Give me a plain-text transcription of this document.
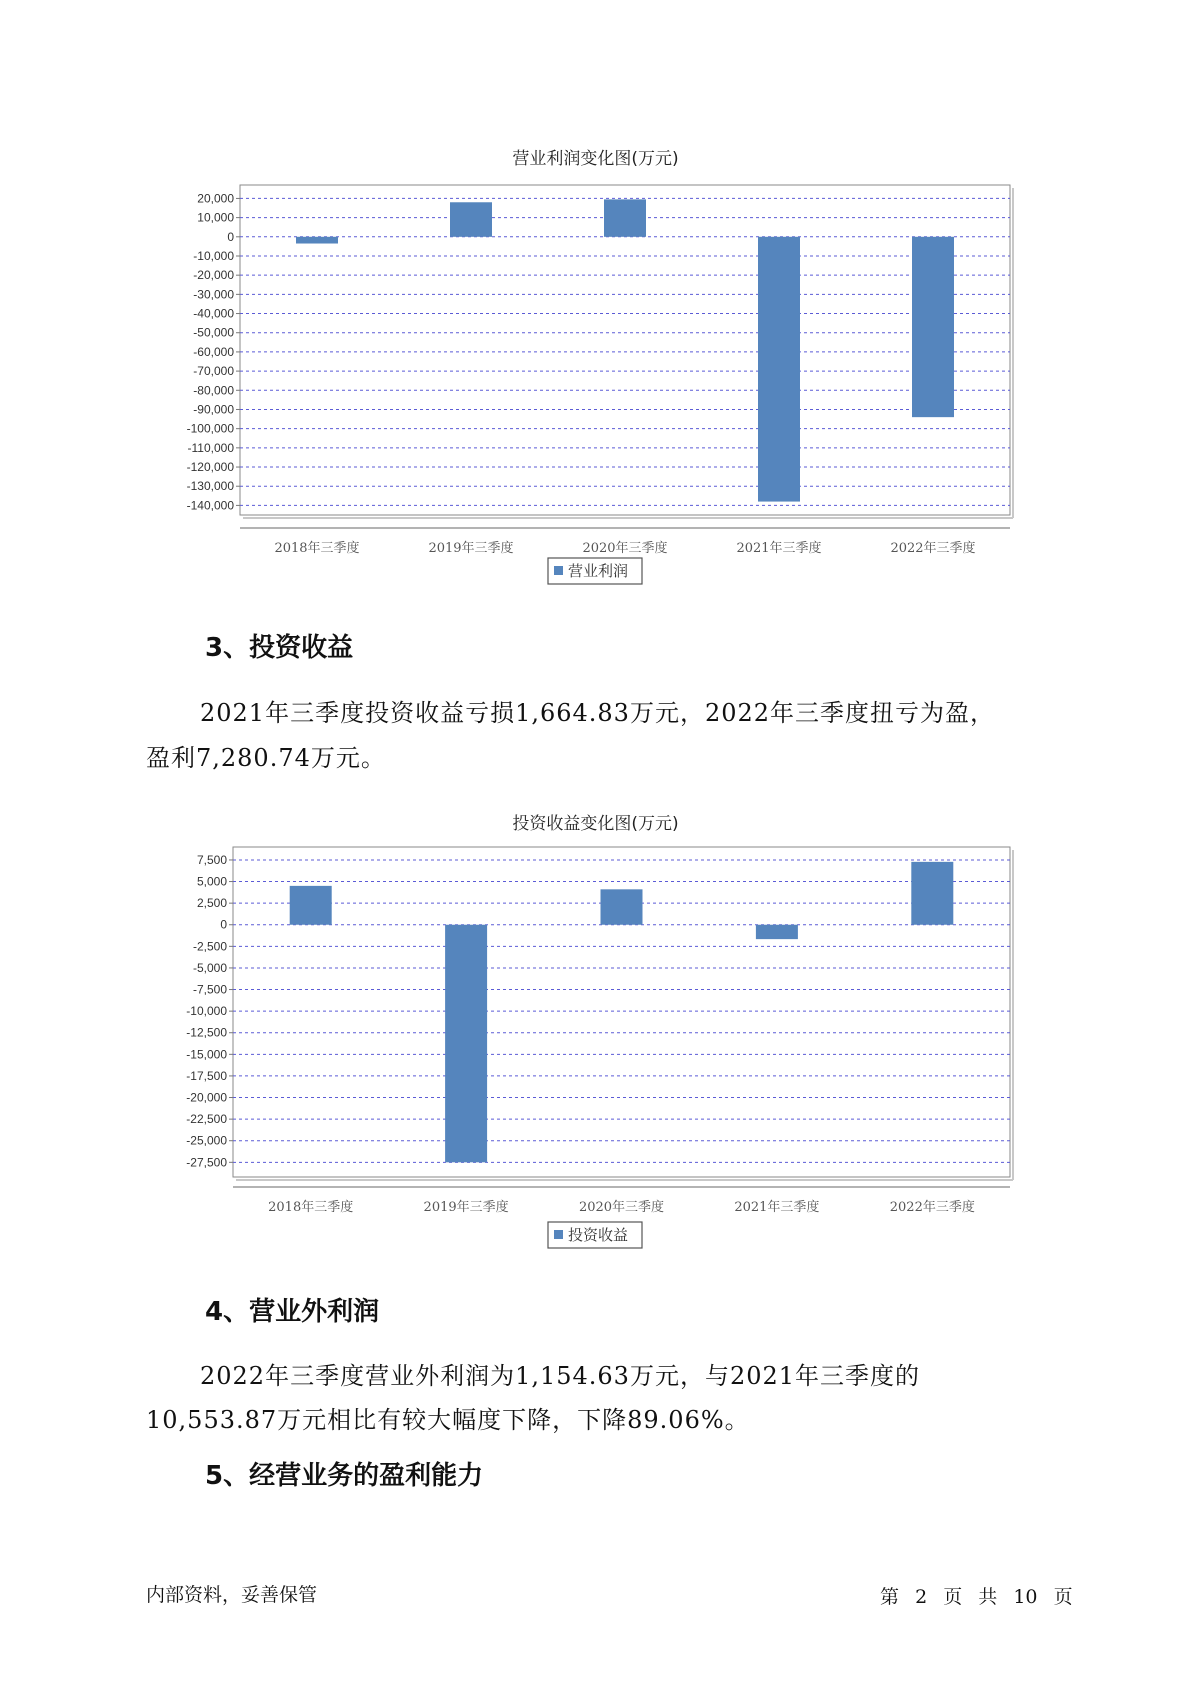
营业利润变化图(万元)
20,000
10,000
0
-10,000
-20,000
-30,000
-40,000
-50,000
-60,000
-70,000
-80,000
-90,000
-100,000
-110,000
-120,000
-130,000
-140,000
2018年三季度	2019年三季度	2020年三季度	2021年三季度	2022年三季度
营业利润
3、投资收益
2021年三季度投资收益亏损1,664.83万元，2022年三季度扭亏为盈，
盈利7,280.74万元。
投资收益变化图(万元)
7,500
5,000
2,500
0
-2,500
-5,000
-7,500
-10,000
-12,500
-15,000
-17,500
-20,000
-22,500
-25,000
-27,500
2018年三季度	2019年三季度	2020年三季度	2021年三季度	2022年三季度
投资收益
4、营业外利润
2022年三季度营业外利润为1,154.63万元，与2021年三季度的
10,553.87万元相比有较大幅度下降，下降89.06%。
5、经营业务的盈利能力
内部资料，妥善保管	第 2 页 共 10 页
